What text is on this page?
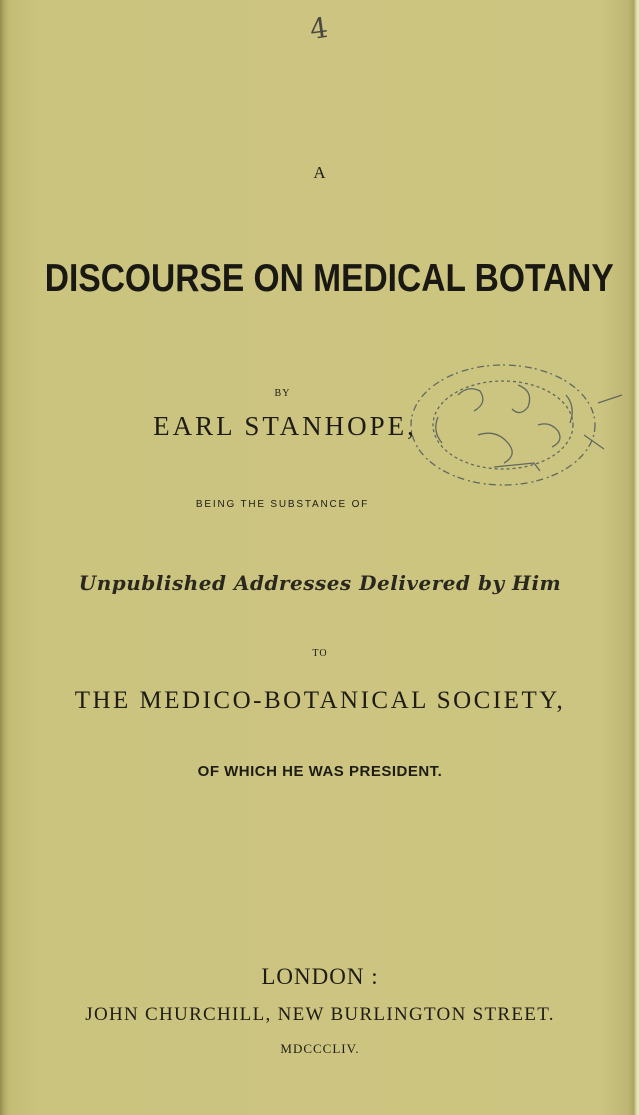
4
A
DISCOURSE ON MEDICAL BOTANY
BY
EARL STANHOPE,
BEING THE SUBSTANCE OF
Unpublished Addresses Delivered by Him
TO
THE MEDICO-BOTANICAL SOCIETY,
OF WHICH HE WAS PRESIDENT.
LONDON :
JOHN CHURCHILL, NEW BURLINGTON STREET.
MDCCCLIV.
